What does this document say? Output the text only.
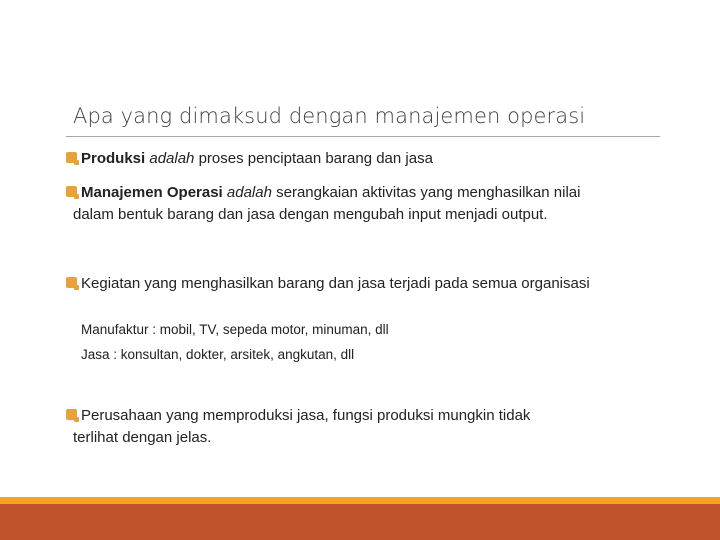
Apa yang dimaksud dengan manajemen operasi
Produksi adalah proses penciptaan barang dan jasa
Manajemen Operasi adalah serangkaian aktivitas yang menghasilkan nilai
dalam bentuk barang dan jasa dengan mengubah input menjadi output.
Kegiatan yang menghasilkan barang dan jasa terjadi pada semua organisasi
Manufaktur : mobil, TV, sepeda motor, minuman, dll
Jasa : konsultan, dokter, arsitek, angkutan, dll
Perusahaan yang memproduksi jasa, fungsi produksi mungkin tidak
terlihat dengan jelas.
